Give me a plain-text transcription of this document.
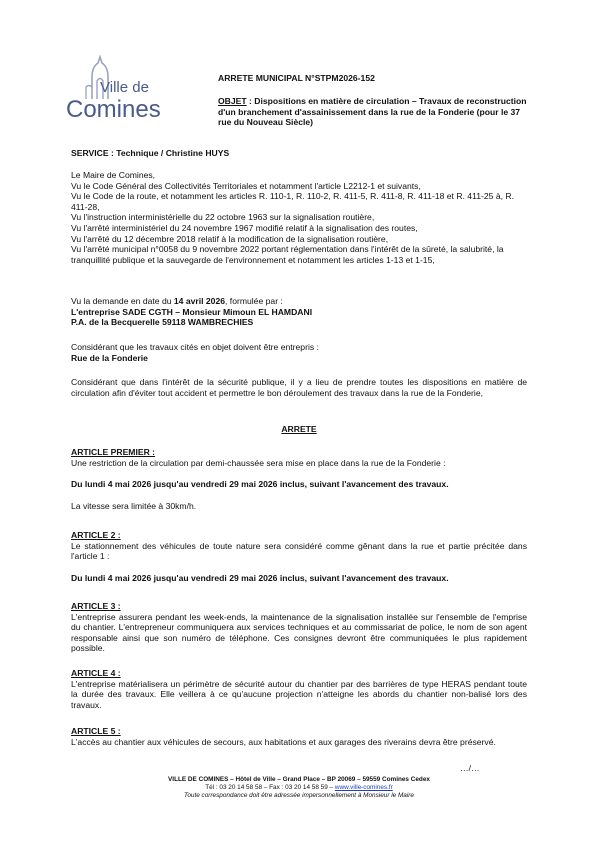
Ville de
Comines
ARRETE MUNICIPAL N°STPM2026-152
OBJET : Dispositions en matière de circulation – Travaux de reconstruction d'un branchement d'assainissement dans la rue de la Fonderie (pour le 37 rue du Nouveau Siècle)
SERVICE : Technique / Christine HUYS
Le Maire de Comines,
Vu le Code Général des Collectivités Territoriales et notamment l'article L2212-1 et suivants,
Vu le Code de la route, et notamment les articles R. 110-1, R. 110-2, R. 411-5, R. 411-8, R. 411-18 et R. 411-25 à, R. 411-28,
Vu l'instruction interministérielle du 22 octobre 1963 sur la signalisation routière,
Vu l'arrêté interministériel du 24 novembre 1967 modifié relatif à la signalisation des routes,
Vu l'arrêté du 12 décembre 2018 relatif à la modification de la signalisation routière,
Vu l'arrêté municipal n°0058 du 9 novembre 2022 portant réglementation dans l'intérêt de la sûreté, la salubrité, la tranquillité publique et la sauvegarde de l'environnement et notamment les articles 1-13 et 1-15,
Vu la demande en date du 14 avril 2026, formulée par :
L'entreprise SADE CGTH – Monsieur Mimoun EL HAMDANI
P.A. de la Becquerelle 59118 WAMBRECHIES
Considérant que les travaux cités en objet doivent être entrepris :
Rue de la Fonderie
Considérant que dans l'intérêt de la sécurité publique, il y a lieu de prendre toutes les dispositions en matière de circulation afin d'éviter tout accident et permettre le bon déroulement des travaux dans la rue de la Fonderie,
ARRETE
ARTICLE PREMIER :
Une restriction de la circulation par demi-chaussée sera mise en place dans la rue de la Fonderie :
Du lundi 4 mai 2026 jusqu'au vendredi 29 mai 2026 inclus, suivant l'avancement des travaux.
La vitesse sera limitée à 30km/h.
ARTICLE 2 :
Le stationnement des véhicules de toute nature sera considéré comme gênant dans la rue et partie précitée dans l'article 1 :
Du lundi 4 mai 2026 jusqu'au vendredi 29 mai 2026 inclus, suivant l'avancement des travaux.
ARTICLE 3 :
L'entreprise assurera pendant les week-ends, la maintenance de la signalisation installée sur l'ensemble de l'emprise du chantier. L'entrepreneur communiquera aux services techniques et au commissariat de police, le nom de son agent responsable ainsi que son numéro de téléphone. Ces consignes devront être communiquées le plus rapidement possible.
ARTICLE 4 :
L'entreprise matérialisera un périmètre de sécurité autour du chantier par des barrières de type HERAS pendant toute la durée des travaux. Elle veillera à ce qu'aucune projection n'atteigne les abords du chantier non-balisé lors des travaux.
ARTICLE 5 :
L'accès au chantier aux véhicules de secours, aux habitations et aux garages des riverains devra être préservé.
…/…
VILLE DE COMINES – Hôtel de Ville – Grand Place – BP 20069 – 59559 Comines Cedex
Tél : 03 20 14 58 58 – Fax : 03 20 14 58 59 – www.ville-comines.fr
Toute correspondance doit être adressée impersonnellement à Monsieur le Maire
